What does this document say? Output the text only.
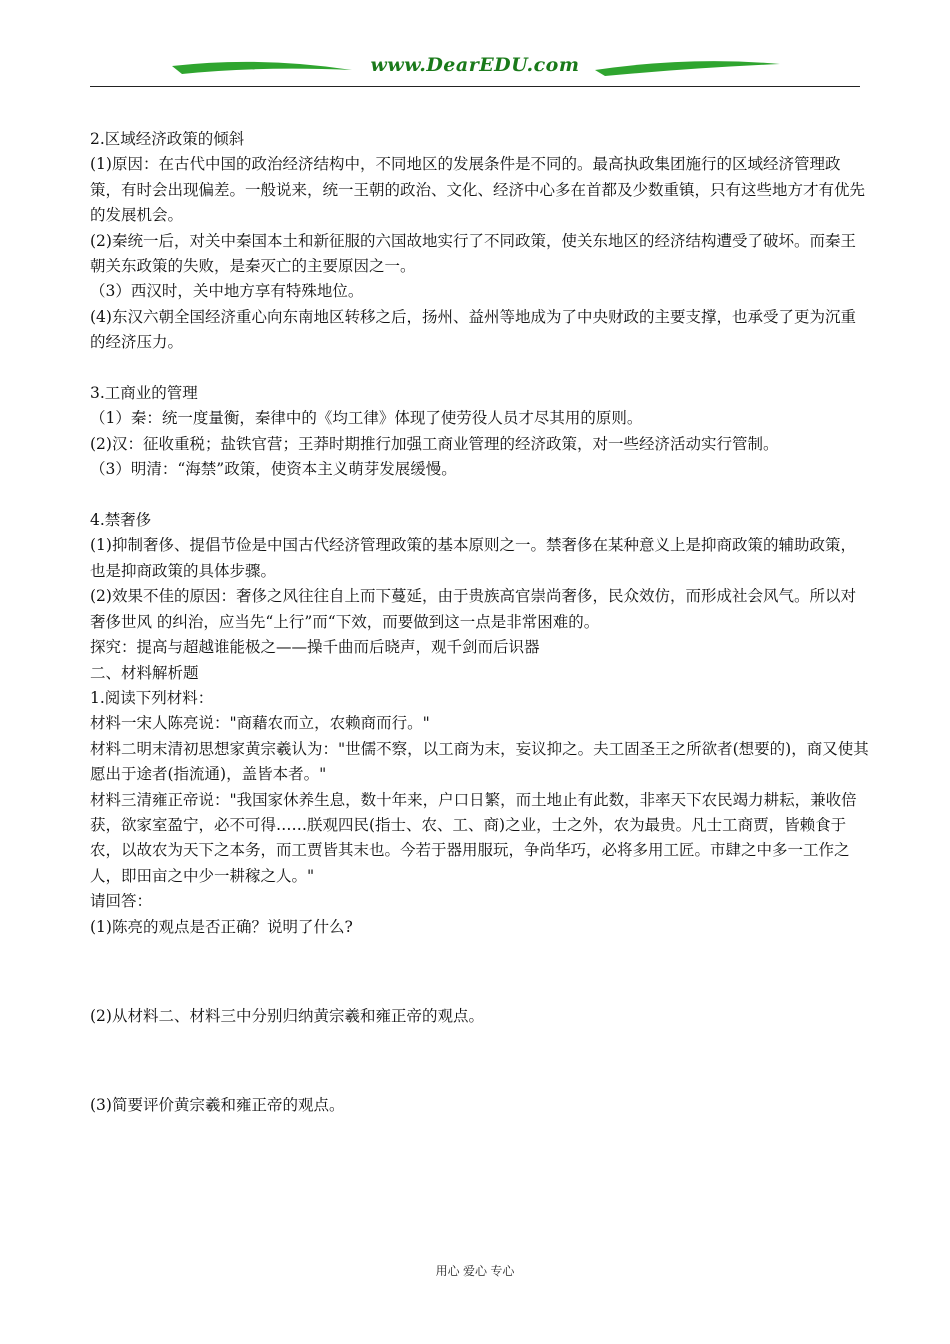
www.DearEDU.com

2.区域经济政策的倾斜

(1)原因：在古代中国的政治经济结构中，不同地区的发展条件是不同的。最高执政集团施行的区域经济管理政策，有时会出现偏差。一般说来，统一王朝的政治、文化、经济中心多在首都及少数重镇，只有这些地方才有优先的发展机会。

(2)秦统一后，对关中秦国本土和新征服的六国故地实行了不同政策，使关东地区的经济结构遭受了破坏。而秦王朝关东政策的失败，是秦灭亡的主要原因之一。

（3）西汉时，关中地方享有特殊地位。

(4)东汉六朝全国经济重心向东南地区转移之后，扬州、益州等地成为了中央财政的主要支撑，也承受了更为沉重的经济压力。

3.工商业的管理

（1）秦：统一度量衡，秦律中的《均工律》体现了使劳役人员才尽其用的原则。

(2)汉：征收重税；盐铁官营；王莽时期推行加强工商业管理的经济政策，对一些经济活动实行管制。

（3）明清：“海禁”政策，使资本主义萌芽发展缓慢。

4.禁奢侈

(1)抑制奢侈、提倡节俭是中国古代经济管理政策的基本原则之一。禁奢侈在某种意义上是抑商政策的辅助政策，也是抑商政策的具体步骤。

(2)效果不佳的原因：奢侈之风往往自上而下蔓延，由于贵族高官崇尚奢侈，民众效仿，而形成社会风气。所以对奢侈世风 的纠治，应当先“上行”而“下效，而要做到这一点是非常困难的。

探究：提高与超越谁能极之——操千曲而后晓声，观千剑而后识器

二、材料解析题

1.阅读下列材料：

材料一宋人陈亮说："商藉农而立，农赖商而行。"

材料二明末清初思想家黄宗羲认为："世儒不察，以工商为末，妄议抑之。夫工固圣王之所欲者(想要的)，商又使其愿出于途者(指流通)，盖皆本者。"

材料三清雍正帝说："我国家休养生息，数十年来，户口日繁，而土地止有此数，非率天下农民竭力耕耘，兼收倍获，欲家室盈宁，必不可得……朕观四民(指士、农、工、商)之业，士之外，农为最贵。凡士工商贾，皆赖食于农，以故农为天下之本务，而工贾皆其末也。今若于器用服玩，争尚华巧，必将多用工匠。市肆之中多一工作之人，即田亩之中少一耕稼之人。"

请回答：

(1)陈亮的观点是否正确？说明了什么?

(2)从材料二、材料三中分别归纳黄宗羲和雍正帝的观点。

(3)简要评价黄宗羲和雍正帝的观点。

用心 爱心 专心
